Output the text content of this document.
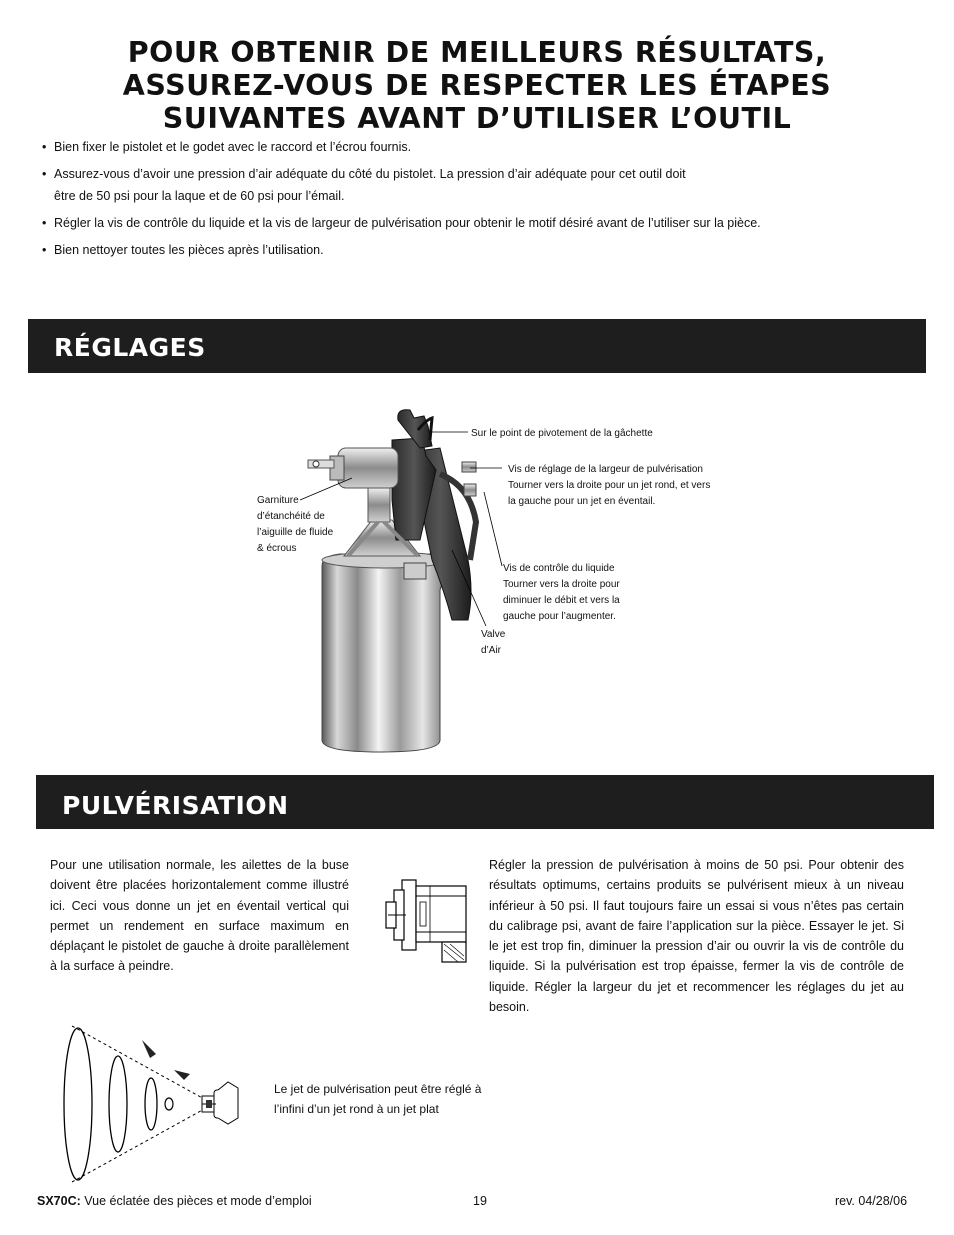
POUR OBTENIR DE MEILLEURS RÉSULTATS,
ASSUREZ-VOUS DE RESPECTER LES ÉTAPES
SUIVANTES AVANT D’UTILISER L’OUTIL
• Bien fixer le pistolet et le godet avec le raccord et l’écrou fournis.
• Assurez-vous d’avoir une pression d’air adéquate du côté du pistolet. La pression d’air adéquate pour cet outil doit
être de 50 psi pour la laque et de 60 psi pour l’émail.
• Régler la vis de contrôle du liquide et la vis de largeur de pulvérisation pour obtenir le motif désiré avant de l’utiliser sur la pièce.
• Bien nettoyer toutes les pièces après l’utilisation.
RÉGLAGES
Sur le point de pivotement de la gâchette
Vis de réglage de la largeur de pulvérisation
Tourner vers la droite pour un jet rond, et vers
la gauche pour un jet en éventail.
Garniture
d’étanchéité de
l’aiguille de fluide
& écrous
Vis de contrôle du liquide
Tourner vers la droite pour
diminuer le débit et vers la
gauche pour l’augmenter.
Valve
d’Air
PULVÉRISATION

Pour une utilisation normale, les ailettes de la buse doivent être placées horizontalement comme illustré ici. Ceci vous donne un jet en éventail vertical qui permet un rendement en surface maximum en déplaçant le pistolet de gauche à droite parallèlement à la surface à peindre.

Régler la pression de pulvérisation à moins de 50 psi. Pour obtenir des résultats optimums, certains produits se pulvérisent mieux à un niveau inférieur à 50 psi. Il faut toujours faire un essai si vous n’êtes pas certain du calibrage psi, avant de faire l’application sur la pièce. Essayer le jet. Si le jet est trop fin, diminuer la pression d’air ou ouvrir la vis de contrôle du liquide. Si la pulvérisation est trop épaisse, fermer la vis de contrôle de liquide. Régler la largeur du jet et recommencer les réglages du jet au besoin.

Le jet de pulvérisation peut être réglé à
l’infini d’un jet rond à un jet plat
SX70C: Vue éclatée des pièces et mode d’emploi	19	rev. 04/28/06
